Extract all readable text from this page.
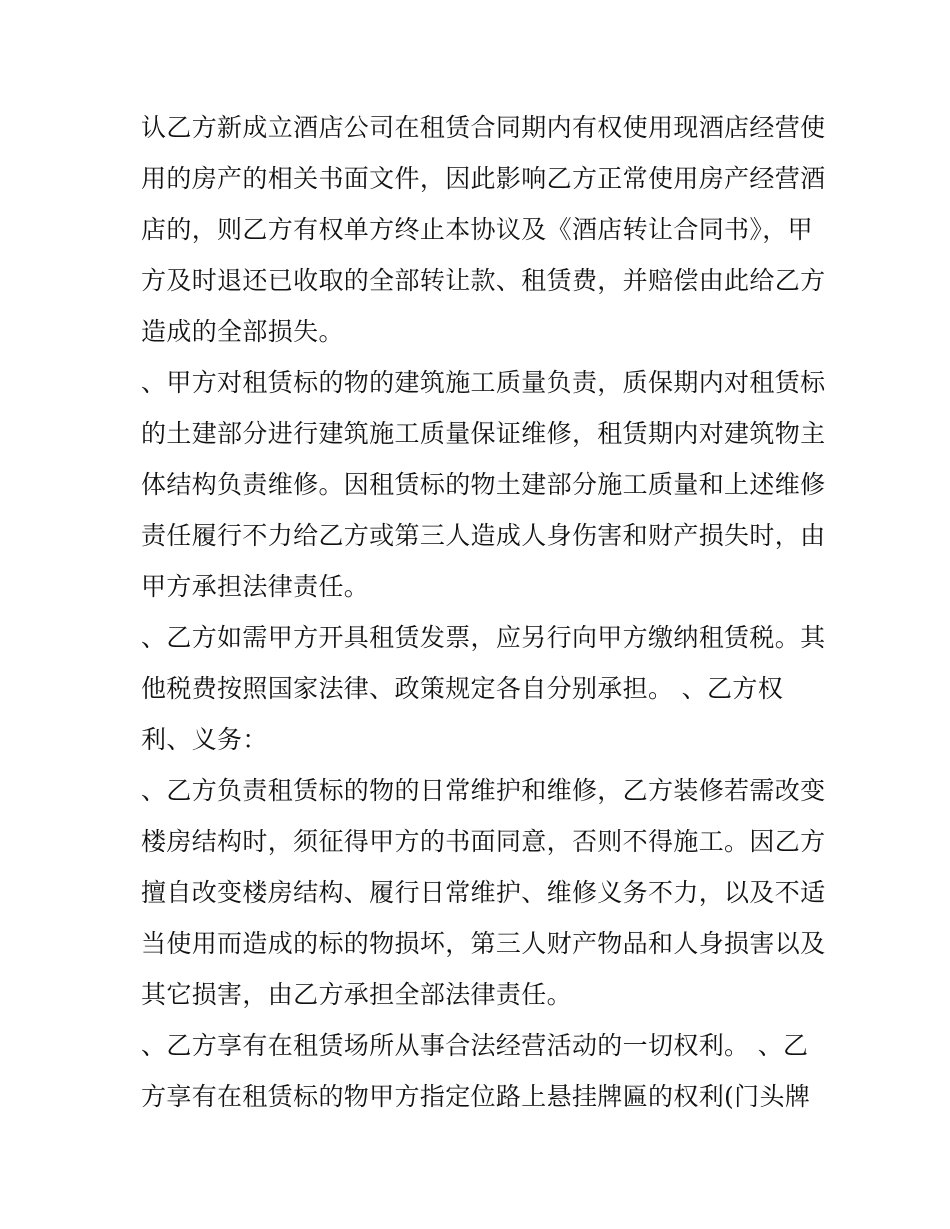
认乙方新成立酒店公司在租赁合同期内有权使用现酒店经营使
用的房产的相关书面文件，因此影响乙方正常使用房产经营酒
店的，则乙方有权单方终止本协议及《酒店转让合同书》，甲
方及时退还已收取的全部转让款、租赁费，并赔偿由此给乙方
造成的全部损失。
、甲方对租赁标的物的建筑施工质量负责，质保期内对租赁标
的土建部分进行建筑施工质量保证维修，租赁期内对建筑物主
体结构负责维修。因租赁标的物土建部分施工质量和上述维修
责任履行不力给乙方或第三人造成人身伤害和财产损失时，由
甲方承担法律责任。
、乙方如需甲方开具租赁发票，应另行向甲方缴纳租赁税。其
他税费按照国家法律、政策规定各自分别承担。 、乙方权
利、义务：
、乙方负责租赁标的物的日常维护和维修，乙方装修若需改变
楼房结构时，须征得甲方的书面同意，否则不得施工。因乙方
擅自改变楼房结构、履行日常维护、维修义务不力，以及不适
当使用而造成的标的物损坏，第三人财产物品和人身损害以及
其它损害，由乙方承担全部法律责任。
、乙方享有在租赁场所从事合法经营活动的一切权利。 、乙
方享有在租赁标的物甲方指定位路上悬挂牌匾的权利(门头牌
